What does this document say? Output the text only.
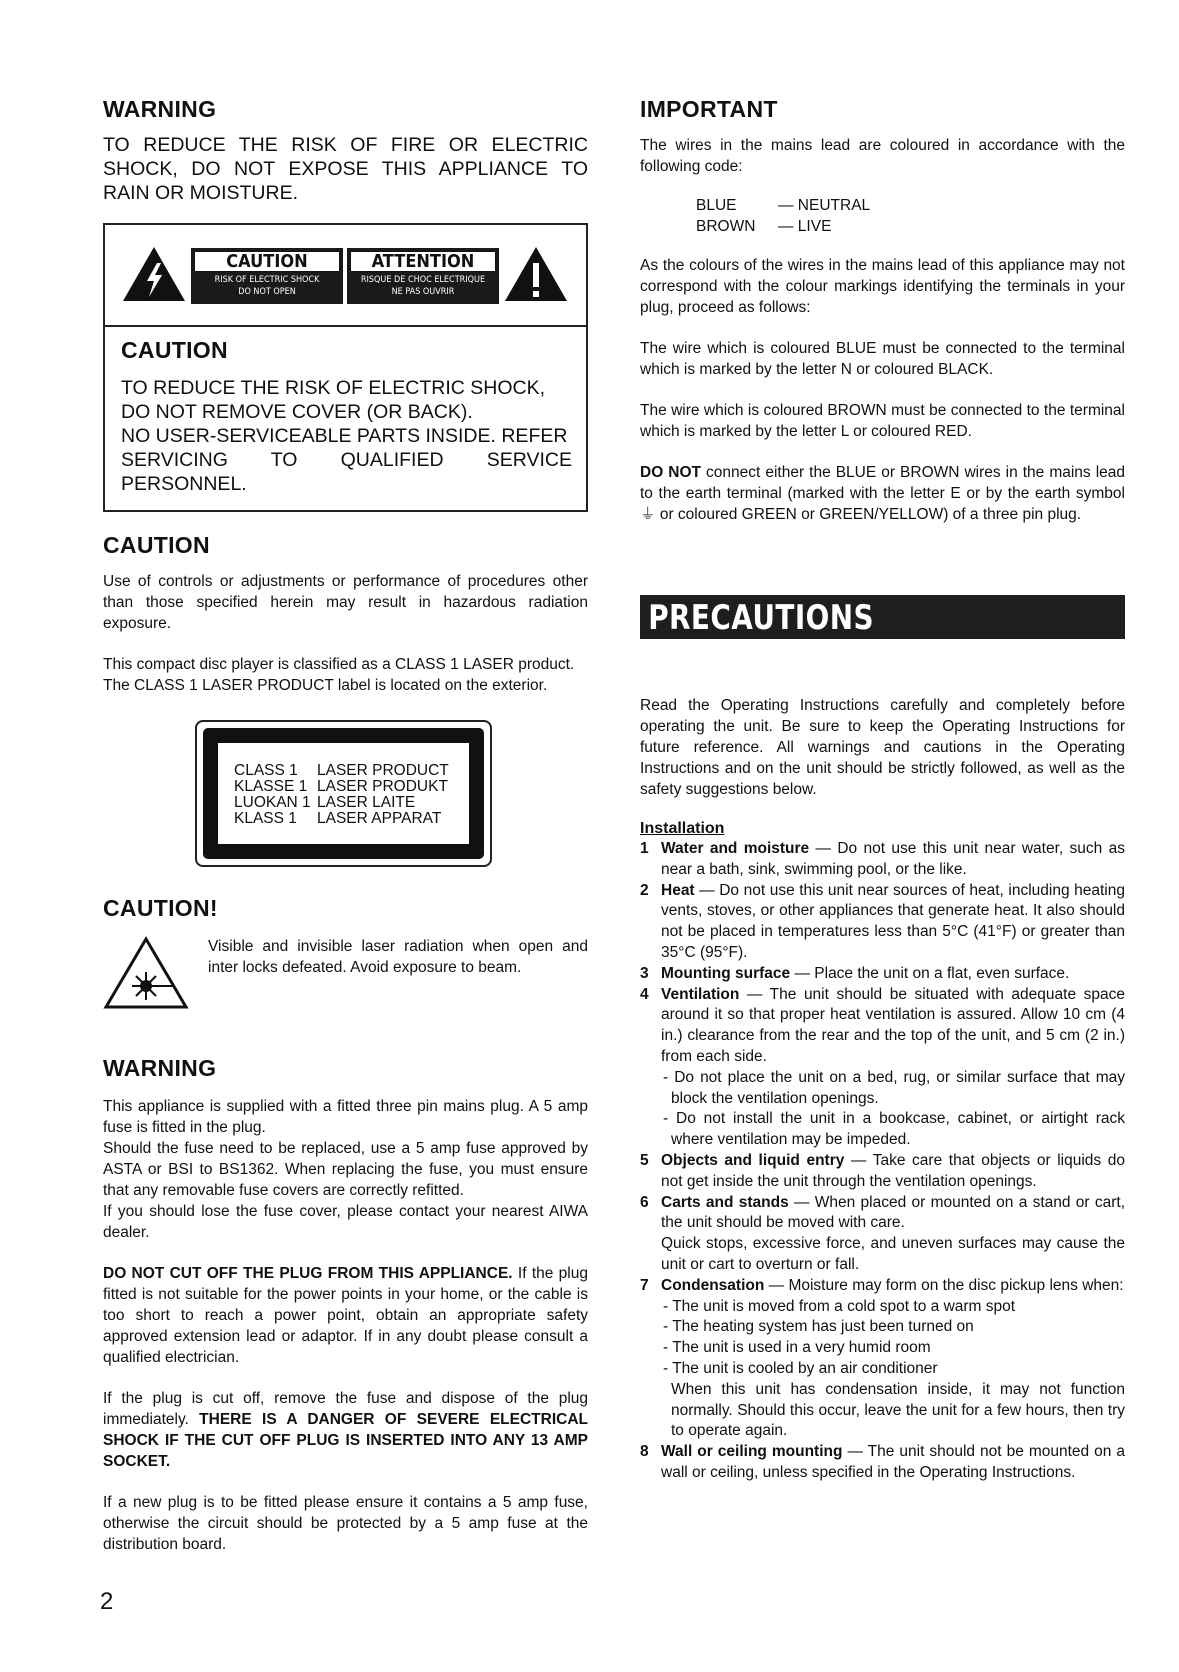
WARNING

TO REDUCE THE RISK OF FIRE OR ELECTRIC SHOCK, DO NOT EXPOSE THIS APPLIANCE TO RAIN OR MOISTURE.

CAUTION
RISK OF ELECTRIC SHOCK
DO NOT OPEN
ATTENTION
RISQUE DE CHOC ELECTRIQUE
NE PAS OUVRIR
CAUTION
TO REDUCE THE RISK OF ELECTRIC SHOCK,
DO NOT REMOVE COVER (OR BACK).
NO USER-SERVICEABLE PARTS INSIDE. REFER
SERVICING TO QUALIFIED SERVICE
PERSONNEL.
CAUTION

Use of controls or adjustments or performance of procedures other than those specified herein may result in hazardous radiation exposure.

This compact disc player is classified as a CLASS 1 LASER product.

The CLASS 1 LASER PRODUCT label is located on the exterior.

CLASS 1 LASER PRODUCT
KLASSE 1 LASER PRODUKT
LUOKAN 1 LASER LAITE
KLASS 1 LASER APPARAT
CAUTION!

Visible and invisible laser radiation when open and inter locks defeated. Avoid exposure to beam.

WARNING

This appliance is supplied with a fitted three pin mains plug. A 5 amp fuse is fitted in the plug.

Should the fuse need to be replaced, use a 5 amp fuse approved by ASTA or BSI to BS1362. When replacing the fuse, you must ensure that any removable fuse covers are correctly refitted.

If you should lose the fuse cover, please contact your nearest AIWA dealer.

DO NOT CUT OFF THE PLUG FROM THIS APPLIANCE. If the plug fitted is not suitable for the power points in your home, or the cable is too short to reach a power point, obtain an appropriate safety approved extension lead or adaptor. If in any doubt please consult a qualified electrician.

If the plug is cut off, remove the fuse and dispose of the plug immediately. THERE IS A DANGER OF SEVERE ELECTRICAL SHOCK IF THE CUT OFF PLUG IS INSERTED INTO ANY 13 AMP SOCKET.

If a new plug is to be fitted please ensure it contains a 5 amp fuse, otherwise the circuit should be protected by a 5 amp fuse at the distribution board.

2
IMPORTANT

The wires in the mains lead are coloured in accordance with the following code:

BLUE	— NEUTRAL
BROWN — LIVE

As the colours of the wires in the mains lead of this appliance may not correspond with the colour markings identifying the terminals in your plug, proceed as follows:

The wire which is coloured BLUE must be connected to the terminal which is marked by the letter N or coloured BLACK.

The wire which is coloured BROWN must be connected to the terminal which is marked by the letter L or coloured RED.

DO NOT connect either the BLUE or BROWN wires in the mains lead to the earth terminal (marked with the letter E or by the earth symbol ⏚ or coloured GREEN or GREEN/YELLOW) of a three pin plug.

PRECAUTIONS

Read the Operating Instructions carefully and completely before operating the unit. Be sure to keep the Operating Instructions for future reference. All warnings and cautions in the Operating Instructions and on the unit should be strictly followed, as well as the safety suggestions below.

Installation
1 Water and moisture — Do not use this unit near water, such as near a bath, sink, swimming pool, or the like.
2 Heat — Do not use this unit near sources of heat, including heating vents, stoves, or other appliances that generate heat. It also should not be placed in temperatures less than 5°C (41°F) or greater than 35°C (95°F).
3 Mounting surface — Place the unit on a flat, even surface.
4 Ventilation — The unit should be situated with adequate space around it so that proper heat ventilation is assured. Allow 10 cm (4 in.) clearance from the rear and the top of the unit, and 5 cm (2 in.) from each side.
- Do not place the unit on a bed, rug, or similar surface that may block the ventilation openings.
- Do not install the unit in a bookcase, cabinet, or airtight rack where ventilation may be impeded.
5 Objects and liquid entry — Take care that objects or liquids do not get inside the unit through the ventilation openings.
6 Carts and stands — When placed or mounted on a stand or cart, the unit should be moved with care.
Quick stops, excessive force, and uneven surfaces may cause the unit or cart to overturn or fall.
7 Condensation — Moisture may form on the disc pickup lens when:
- The unit is moved from a cold spot to a warm spot
- The heating system has just been turned on
- The unit is used in a very humid room
- The unit is cooled by an air conditioner
When this unit has condensation inside, it may not function normally. Should this occur, leave the unit for a few hours, then try to operate again.
8 Wall or ceiling mounting — The unit should not be mounted on a wall or ceiling, unless specified in the Operating Instructions.
